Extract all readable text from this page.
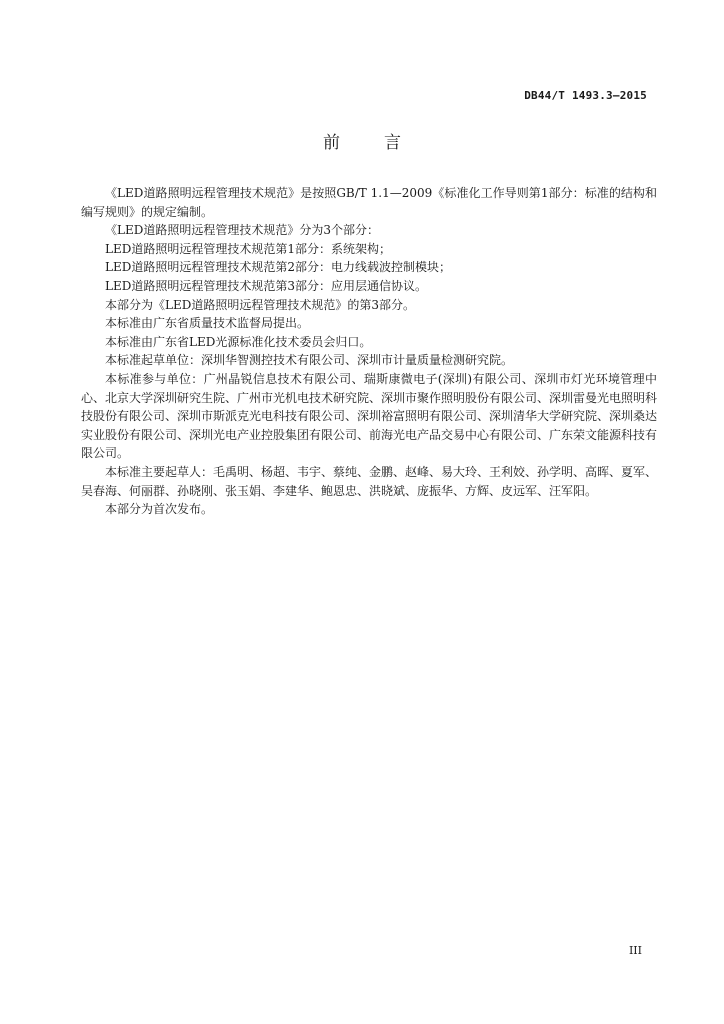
DB44/T 1493.3—2015
前言

《LED道路照明远程管理技术规范》是按照GB/T 1.1—2009《标准化工作导则第1部分：标准的结构和编写规则》的规定编制。

《LED道路照明远程管理技术规范》分为3个部分：

LED道路照明远程管理技术规范第1部分：系统架构；

LED道路照明远程管理技术规范第2部分：电力线载波控制模块；

LED道路照明远程管理技术规范第3部分：应用层通信协议。

本部分为《LED道路照明远程管理技术规范》的第3部分。

本标准由广东省质量技术监督局提出。

本标准由广东省LED光源标准化技术委员会归口。

本标准起草单位：深圳华智测控技术有限公司、深圳市计量质量检测研究院。

本标准参与单位：广州晶锐信息技术有限公司、瑞斯康微电子(深圳)有限公司、深圳市灯光环境管理中心、北京大学深圳研究生院、广州市光机电技术研究院、深圳市聚作照明股份有限公司、深圳雷曼光电照明科技股份有限公司、深圳市斯派克光电科技有限公司、深圳裕富照明有限公司、深圳清华大学研究院、深圳桑达实业股份有限公司、深圳光电产业控股集团有限公司、前海光电产品交易中心有限公司、广东荣文能源科技有限公司。

本标准主要起草人：毛禹明、杨超、韦宇、蔡纯、金鹏、赵峰、易大玲、王利姣、孙学明、高晖、夏军、吴春海、何丽群、孙晓刚、张玉娟、李建华、鲍恩忠、洪晓斌、庞振华、方辉、皮远军、汪军阳。

本部分为首次发布。

III
